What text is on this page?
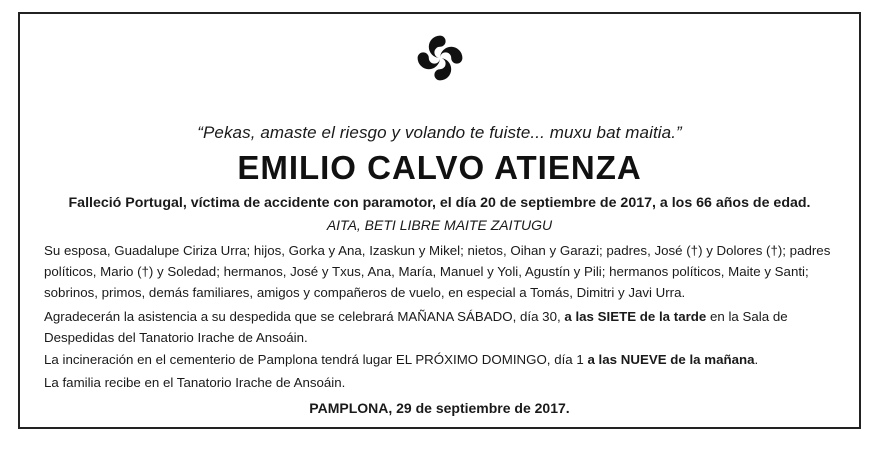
“Pekas, amaste el riesgo y volando te fuiste... muxu bat maitia.”
EMILIO CALVO ATIENZA
Falleció Portugal, víctima de accidente con paramotor, el día 20 de septiembre de 2017, a los 66 años de edad.
AITA, BETI LIBRE MAITE ZAITUGU
Su esposa, Guadalupe Ciriza Urra; hijos, Gorka y Ana, Izaskun y Mikel; nietos, Oihan y Garazi; padres, José (†) y Dolores (†); padres políticos, Mario (†) y Soledad; hermanos, José y Txus, Ana, María, Manuel y Yoli, Agustín y Pili; hermanos políticos, Maite y Santi; sobrinos, primos, demás familiares, amigos y compañeros de vuelo, en especial a Tomás, Dimitri y Javi Urra.
Agradecerán la asistencia a su despedida que se celebrará MAÑANA SÁBADO, día 30, a las SIETE de la tarde en la Sala de Despedidas del Tanatorio Irache de Ansoáin.
La incineración en el cementerio de Pamplona tendrá lugar EL PRÓXIMO DOMINGO, día 1 a las NUEVE de la mañana.
La familia recibe en el Tanatorio Irache de Ansoáin.
PAMPLONA, 29 de septiembre de 2017.
